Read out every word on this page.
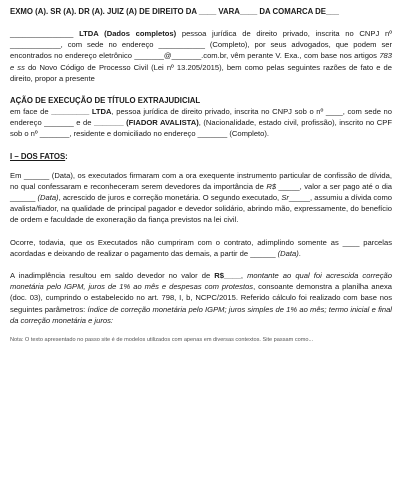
EXMO (A). SR (A). DR (A). JUIZ (A) DE DIREITO DA ____ VARA____ DA COMARCA DE___

_______________ LTDA (Dados completos) pessoa jurídica de direito privado, inscrita no CNPJ nº ____________, com sede no endereço ___________ (Completo), por seus advogados, que podem ser encontrados no endereço eletrônico _______@_______.com.br, vêm perante V. Exa., com base nos artigos 783 e ss do Novo Código de Processo Civil (Lei nº 13.205/2015), bem como pelas seguintes razões de fato e de direito, propor a presente

AÇÃO DE EXECUÇÃO DE TÍTULO EXTRAJUDICIAL

em face de _________ LTDA, pessoa jurídica de direito privado, inscrita no CNPJ sob o nº ____, com sede no endereço _______ e de _______ (FIADOR AVALISTA), (Nacionalidade, estado civil, profissão), inscrito no CPF sob o nº _______, residente e domiciliado no endereço _______ (Completo).

I – DOS FATOS:

Em ______ (Data), os executados firmaram com a ora exequente instrumento particular de confissão de dívida, no qual confessaram e reconheceram serem devedores da importância de R$ _____, valor a ser pago até o dia ______ (Data), acrescido de juros e correção monetária. O segundo executado, Sr_____, assumiu a dívida como avalista/fiador, na qualidade de principal pagador e devedor solidário, abrindo mão, expressamente, do benefício de ordem e faculdade de exoneração da fiança previstos na lei civil.

Ocorre, todavia, que os Executados não cumpriram com o contrato, adimplindo somente as ____ parcelas acordadas e deixando de realizar o pagamento das demais, a partir de ______ (Data).

A inadimplência resultou em saldo devedor no valor de R$____, montante ao qual foi acrescida correção monetária pelo IGPM, juros de 1% ao mês e despesas com protestos, consoante demonstra a planilha anexa (doc. 03), cumprindo o estabelecido no art. 798, I, b, NCPC/2015. Referido cálculo foi realizado com base nos seguintes parâmetros: índice de correção monetária pelo IGPM; juros simples de 1% ao mês; termo inicial e final da correção monetária e juros:

Nota: O texto apresentado no passo site é de modelos utilizados com apenas em diversas contextos. Site passam como...
